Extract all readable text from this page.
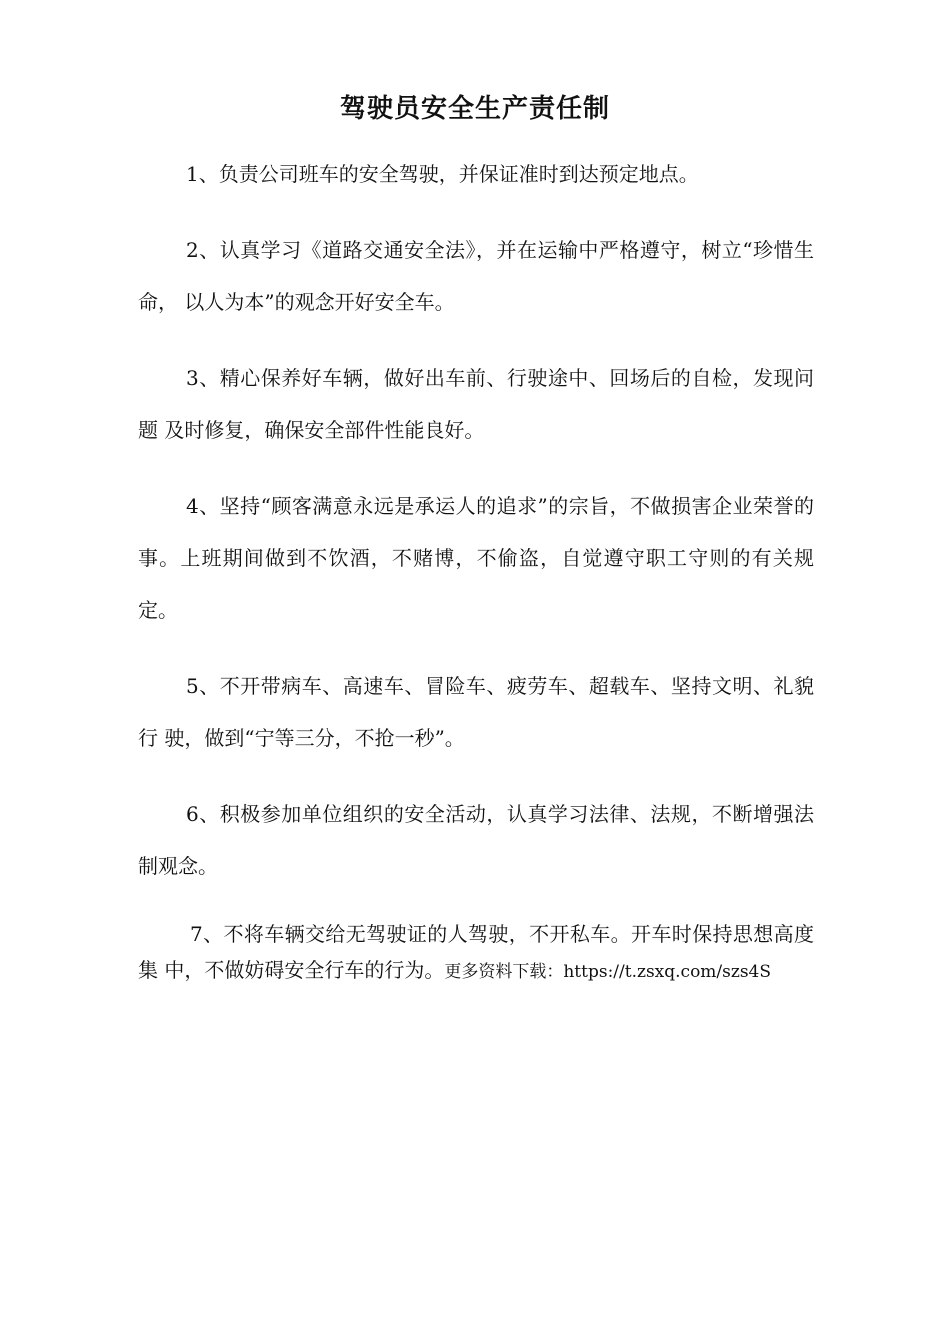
驾驶员安全生产责任制

1、负责公司班车的安全驾驶，并保证准时到达预定地点。

2、认真学习《道路交通安全法》，并在运输中严格遵守，树立“珍惜生命， 以人为本”的观念开好安全车。

3、精心保养好车辆，做好出车前、行驶途中、回场后的自检，发现问题 及时修复，确保安全部件性能良好。

4、坚持“顾客满意永远是承运人的追求”的宗旨，不做损害企业荣誉的 事。上班期间做到不饮酒，不赌博，不偷盗，自觉遵守职工守则的有关规定。

5、不开带病车、高速车、冒险车、疲劳车、超载车、坚持文明、礼貌行 驶，做到“宁等三分，不抢一秒”。

6、积极参加单位组织的安全活动，认真学习法律、法规，不断增强法制观念。

7、不将车辆交给无驾驶证的人驾驶，不开私车。开车时保持思想高度集 中，不做妨碍安全行车的行为。更多资料下载：https://t.zsxq.com/szs4S
